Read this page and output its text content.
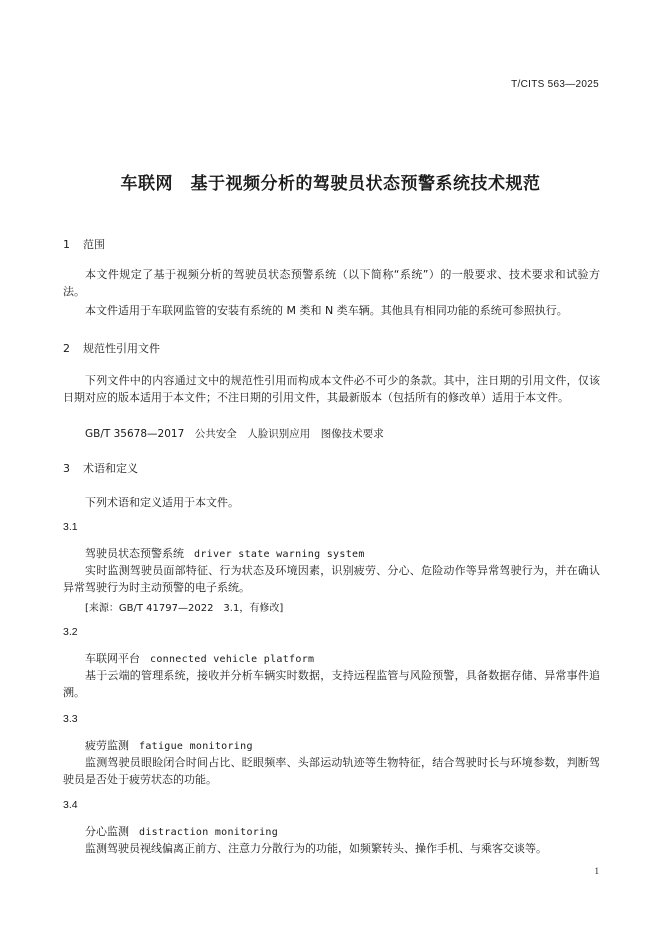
T/CITS 563—2025
车联网　基于视频分析的驾驶员状态预警系统技术规范
1 范围
本文件规定了基于视频分析的驾驶员状态预警系统（以下简称“系统”）的一般要求、技术要求和试验方法。
本文件适用于车联网监管的安装有系统的 M 类和 N 类车辆。其他具有相同功能的系统可参照执行。
2 规范性引用文件
下列文件中的内容通过文中的规范性引用而构成本文件必不可少的条款。其中，注日期的引用文件，仅该日期对应的版本适用于本文件；不注日期的引用文件，其最新版本（包括所有的修改单）适用于本文件。
GB/T 35678—2017　公共安全　人脸识别应用　图像技术要求
3 术语和定义
下列术语和定义适用于本文件。
3.1
驾驶员状态预警系统 driver state warning system
实时监测驾驶员面部特征、行为状态及环境因素，识别疲劳、分心、危险动作等异常驾驶行为，并在确认异常驾驶行为时主动预警的电子系统。
[来源：GB/T 41797—2022　3.1，有修改]
3.2
车联网平台 connected vehicle platform
基于云端的管理系统，接收并分析车辆实时数据，支持远程监管与风险预警，具备数据存储、异常事件追溯。
3.3
疲劳监测 fatigue monitoring
监测驾驶员眼睑闭合时间占比、眨眼频率、头部运动轨迹等生物特征，结合驾驶时长与环境参数，判断驾驶员是否处于疲劳状态的功能。
3.4
分心监测 distraction monitoring
监测驾驶员视线偏离正前方、注意力分散行为的功能，如频繁转头、操作手机、与乘客交谈等。
1
